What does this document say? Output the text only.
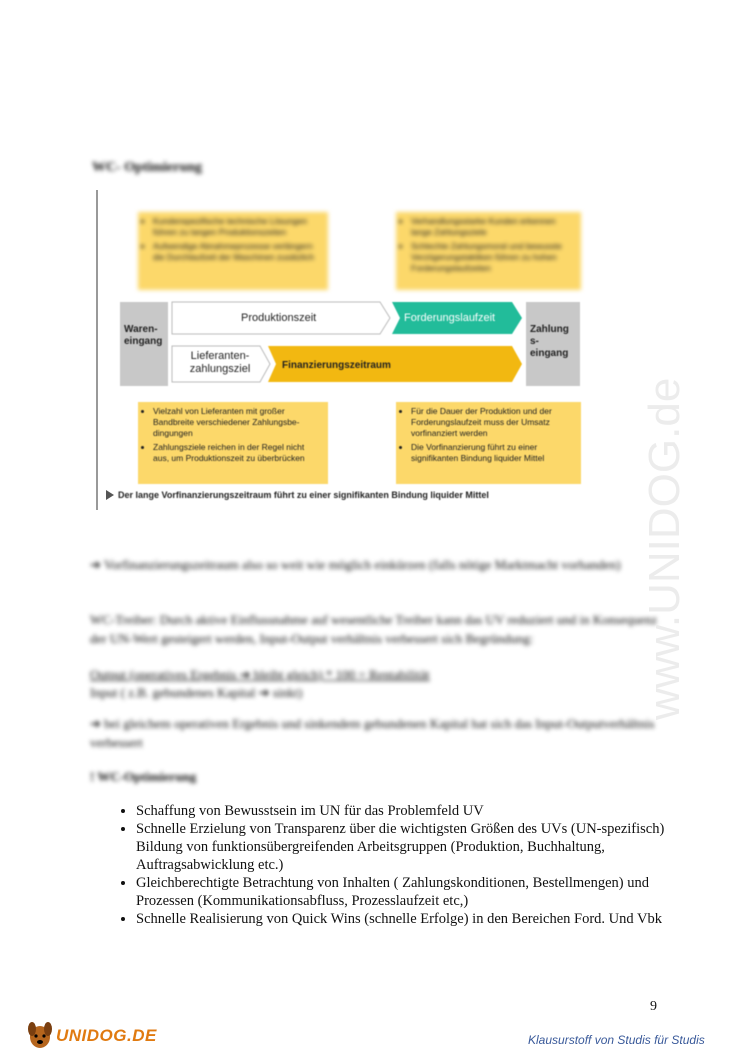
WC- Optimierung
• Kundenspezifische technische Lösungen führen zu langen Produktionszeiten
• Aufwendige Abnahmeprozesse verlängern die Durchlaufzeit der Maschinen zusätzlich
• Verhandlungsstarke Kunden erkennen lange Zahlungsziele
• Schlechte Zahlungsmoral und bewusste Verzögerungstaktiken führen zu hohen Forderungslaufzeiten
Waren-eingang
Zahlung s-eingang
Produktionszeit	Forderungslaufzeit
Lieferanten-zahlungsziel	Finanzierungszeitraum
• Vielzahl von Lieferanten mit großer Bandbreite verschiedener Zahlungsbe-dingungen
• Zahlungsziele reichen in der Regel nicht aus, um Produktionszeit zu überbrücken
• Für die Dauer der Produktion und der Forderungslaufzeit muss der Umsatz vorfinanziert werden
• Die Vorfinanzierung führt zu einer signifikanten Bindung liquider Mittel
Der lange Vorfinanzierungszeitraum führt zu einer signifikanten Bindung liquider Mittel
➔ Vorfinanzierungszeitraum also so weit wie möglich einkürzen (falls nötige Marktmacht vorhanden)
WC-Treiber: Durch aktive Einflussnahme auf wesentliche Treiber kann das UV reduziert und in Konsequenz der UN-Wert gesteigert werden, Input-Output verhältnis verbessert sich Begründung:
Output (operatives Ergebnis ➔ bleibt gleich) * 100 = Rentabilität
Input ( z.B. gebundenes Kapital ➔ sinkt)
➔ bei gleichem operativen Ergebnis und sinkendem gebundenen Kapital hat sich das Input-Outputverhältnis verbessert
! WC-Optimierung
• Schaffung von Bewusstsein im UN für das Problemfeld UV
• Schnelle Erzielung von Transparenz über die wichtigsten Größen des UVs (UN-spezifisch)
Bildung von funktionsübergreifenden Arbeitsgruppen (Produktion, Buchhaltung, Auftragsabwicklung etc.)
• Gleichberechtigte Betrachtung von Inhalten ( Zahlungskonditionen, Bestellmengen) und Prozessen (Kommunikationsabfluss, Prozesslaufzeit etc,)
• Schnelle Realisierung von Quick Wins (schnelle Erfolge) in den Bereichen Ford. Und Vbk
www.UNIDOG.de
9
UNIDOG.DE	Klausurstoff von Studis für Studis
